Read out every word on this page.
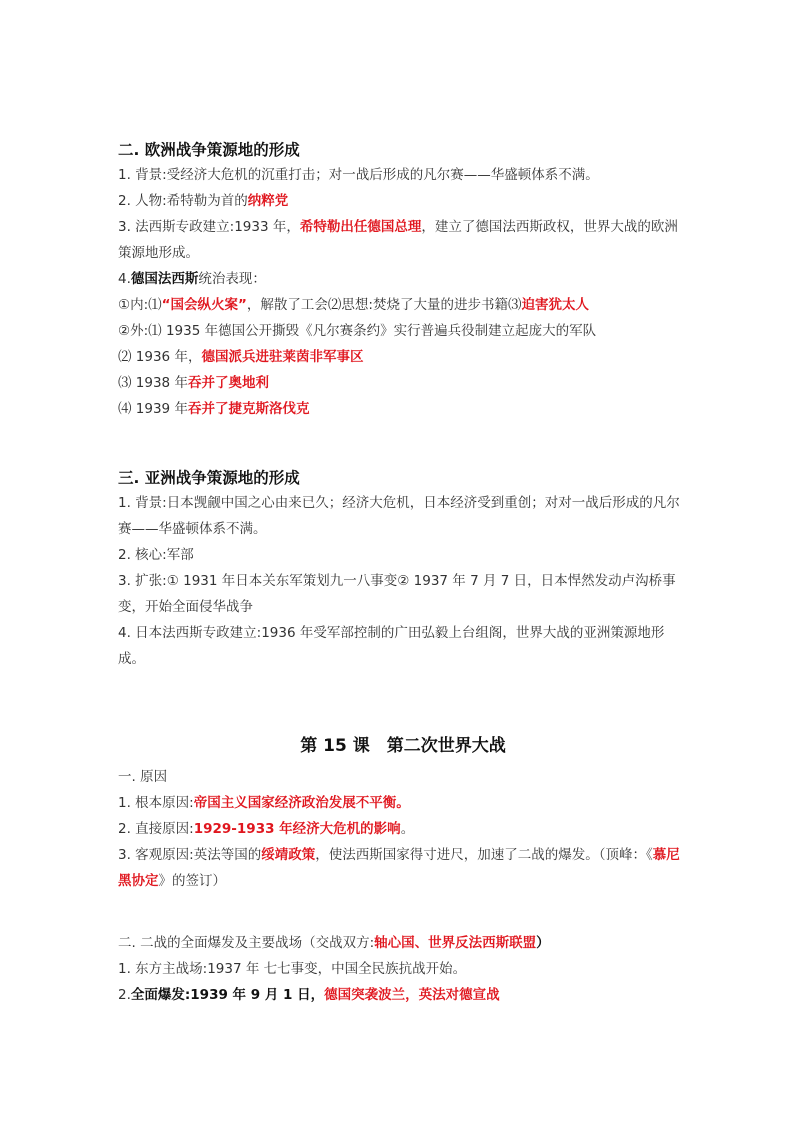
二. 欧洲战争策源地的形成

1. 背景:受经济大危机的沉重打击；对一战后形成的凡尔赛——华盛顿体系不满。

2. 人物:希特勒为首的纳粹党

3. 法西斯专政建立:1933 年，希特勒出任德国总理，建立了德国法西斯政权，世界大战的欧洲策源地形成。

4.德国法西斯统治表现：

①内:⑴“国会纵火案”，解散了工会⑵思想:焚烧了大量的进步书籍⑶迫害犹太人

②外:⑴ 1935 年德国公开撕毁《凡尔赛条约》实行普遍兵役制建立起庞大的军队

⑵ 1936 年，德国派兵进驻莱茵非军事区

⑶ 1938 年吞并了奥地利

⑷ 1939 年吞并了捷克斯洛伐克

三. 亚洲战争策源地的形成

1. 背景:日本觊觎中国之心由来已久；经济大危机，日本经济受到重创；对对一战后形成的凡尔赛——华盛顿体系不满。

2. 核心:军部

3. 扩张:① 1931 年日本关东军策划九一八事变② 1937 年 7 月 7 日，日本悍然发动卢沟桥事变，开始全面侵华战争

4. 日本法西斯专政建立:1936 年受军部控制的广田弘毅上台组阁，世界大战的亚洲策源地形成。

第 15 课　第二次世界大战

一. 原因

1. 根本原因:帝国主义国家经济政治发展不平衡。

2. 直接原因:1929-1933 年经济大危机的影响。

3. 客观原因:英法等国的绥靖政策，使法西斯国家得寸进尺，加速了二战的爆发。（顶峰：《慕尼黑协定》的签订）

二. 二战的全面爆发及主要战场（交战双方:轴心国、世界反法西斯联盟）

1. 东方主战场:1937 年 七七事变，中国全民族抗战开始。

2.全面爆发:1939 年 9 月 1 日，德国突袭波兰，英法对德宣战
